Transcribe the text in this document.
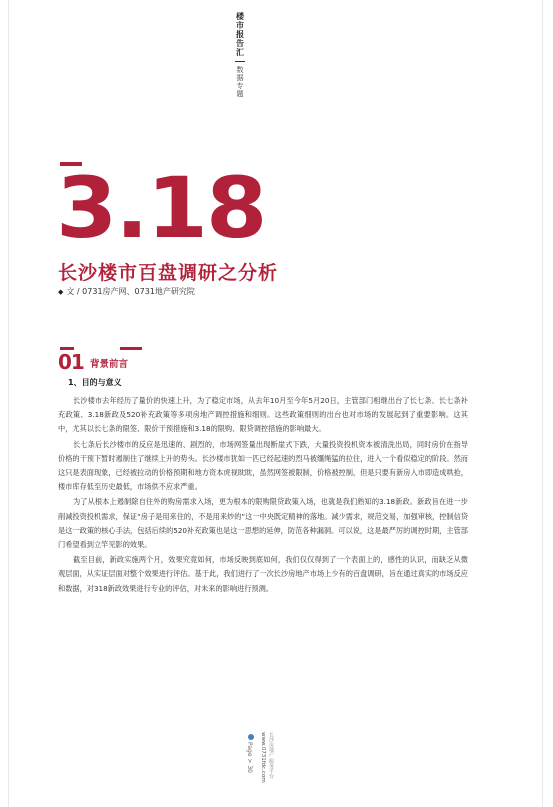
楼市报告汇
数据专题
3.18
长沙楼市百盘调研之分析
◆ 文 / 0731房产网、0731地产研究院
01 背景前言
1、目的与意义

长沙楼市去年经历了量价的快速上升，为了稳定市场，从去年10月至今年5月20日，主管部门相继出台了长七条、长七条补充政策、3.18新政及520补充政策等多项房地产调控措施和细则。这些政策细则的出台也对市场的发展起到了重要影响。这其中，尤其以长七条的限签、限价干预措施和3.18的限购、限贷调控措施的影响最大。

长七条后长沙楼市的反应是迅速的、剧烈的，市场网签量出现断崖式下跌，大量投资投机资本被清洗出局，同时房价在指导价格的干预下暂时遏制住了继续上升的势头。长沙楼市犹如一匹已经起速的烈马被缰绳猛的拉住，进入一个看似稳定的阶段。然而这只是表面现象，已经被拉动的价格预期和地方资本虎视眈眈，虽然网签被限制，价格被控制，但是只要有新房入市即造成哄抢，楼市库存低至历史最低，市场供不应求严重。

为了从根本上遏制除自住外的购房需求入场，更为根本的限购限贷政策入场，也就是我们熟知的3.18新政。新政旨在进一步削减投资投机需求，保证“房子是用来住的，不是用来炒的”这一中央既定精神的落地。减少需求，规范交易，加强审核，控制信贷是这一政策的核心手法，包括后续的520补充政策也是这一思想的延伸，防范各种漏洞。可以说，这是最严厉的调控时期，主管部门希望看到立竿见影的效果。

截至目前，新政实施两个月，效果究竟如何，市场反映到底如何，我们仅仅得到了一个表面上的，感性的认识，而缺乏从微观层面，从实证层面对整个效果进行评估。基于此，我们进行了一次长沙房地产市场上少有的百盘调研，旨在通过真实的市场反应和数据，对318新政效果进行专业的评估，对未来的影响进行预测。

Page > 30 www.0731fdc.com 长沙房地产 服务平台
